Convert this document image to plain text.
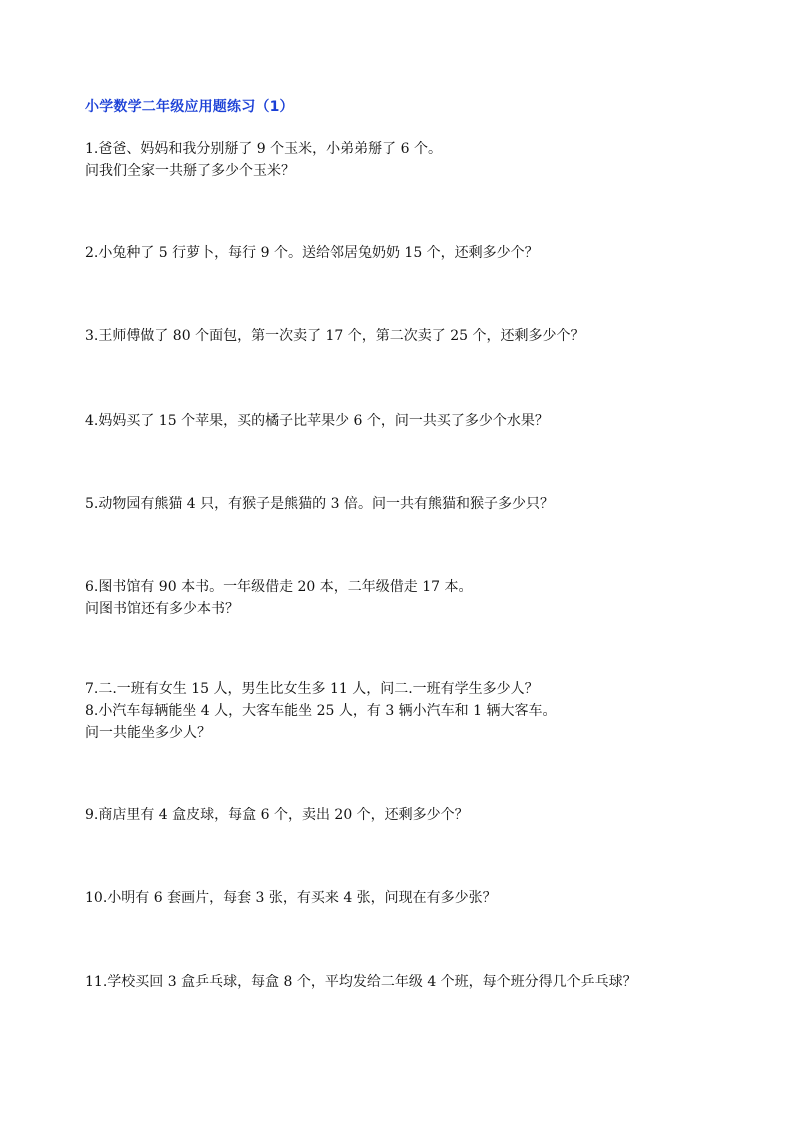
小学数学二年级应用题练习（1）
1.爸爸、妈妈和我分别掰了 9 个玉米，小弟弟掰了 6 个。
问我们全家一共掰了多少个玉米？
2.小兔种了 5 行萝卜，每行 9 个。送给邻居兔奶奶 15 个，还剩多少个？
3.王师傅做了 80 个面包，第一次卖了 17 个，第二次卖了 25 个，还剩多少个？
4.妈妈买了 15 个苹果，买的橘子比苹果少 6 个，问一共买了多少个水果？
5.动物园有熊猫 4 只，有猴子是熊猫的 3 倍。问一共有熊猫和猴子多少只？
6.图书馆有 90 本书。一年级借走 20 本，二年级借走 17 本。
问图书馆还有多少本书？
7.二.一班有女生 15 人，男生比女生多 11 人，问二.一班有学生多少人？
8.小汽车每辆能坐 4 人，大客车能坐 25 人，有 3 辆小汽车和 1 辆大客车。
问一共能坐多少人？
9.商店里有 4 盒皮球，每盒 6 个，卖出 20 个，还剩多少个？
10.小明有 6 套画片，每套 3 张，有买来 4 张，问现在有多少张？
11.学校买回 3 盒乒乓球，每盒 8 个，平均发给二年级 4 个班，每个班分得几个乒乓球？
